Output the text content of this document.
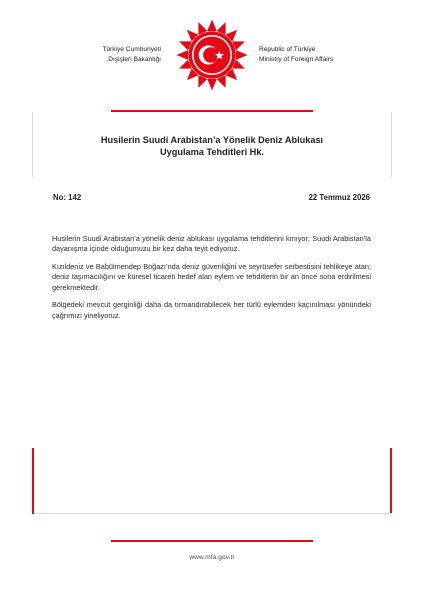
Türkiye Cumhuriyeti
Dışişleri Bakanlığı
Republic of Türkiye
Ministry of Foreign Affairs
Husilerin Suudi Arabistan’a Yönelik Deniz Ablukası
Uygulama Tehditleri Hk.
No: 142	22 Temmuz 2026

Husilerin Suudi Arabistan’a yönelik deniz ablukası uygulama tehditlerini kınıyor; Suudi Arabistan’la dayanışma içinde olduğumuzu bir kez daha teyit ediyoruz.

Kızıldeniz ve Babülmendep Boğazı’nda deniz güvenliğini ve seyrüsefer serbestisini tehlikeye atan; deniz taşımacılığını ve küresel ticareti hedef alan eylem ve tehditlerin bir an önce sona erdirilmesi gerekmektedir.

Bölgedeki mevcut gerginliği daha da tırmandırabilecek her türlü eylemden kaçınılması yönündeki çağrımızı yineliyoruz.

www.mfa.gov.tr
